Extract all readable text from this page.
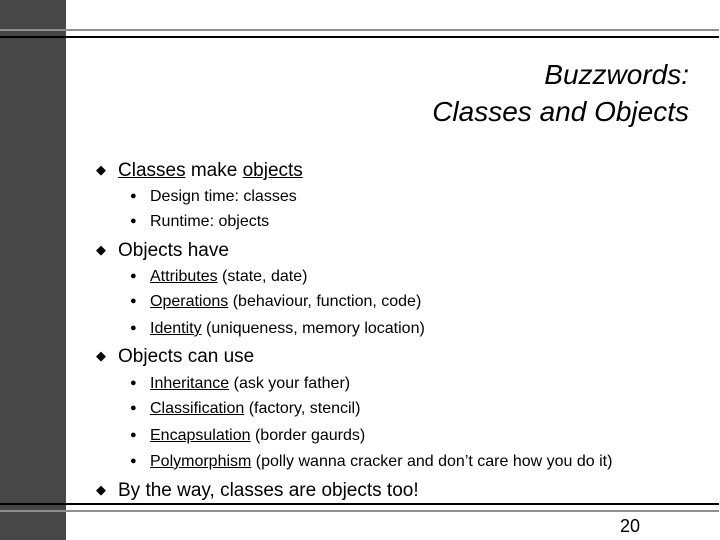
Buzzwords:
Classes and Objects
◆ Classes make objects
● Design time: classes
● Runtime: objects
◆ Objects have
● Attributes (state, date)
● Operations (behaviour, function, code)
● Identity (uniqueness, memory location)
◆ Objects can use
● Inheritance (ask your father)
● Classification (factory, stencil)
● Encapsulation (border gaurds)
● Polymorphism (polly wanna cracker and don’t care how you do it)
◆ By the way, classes are objects too!
20
